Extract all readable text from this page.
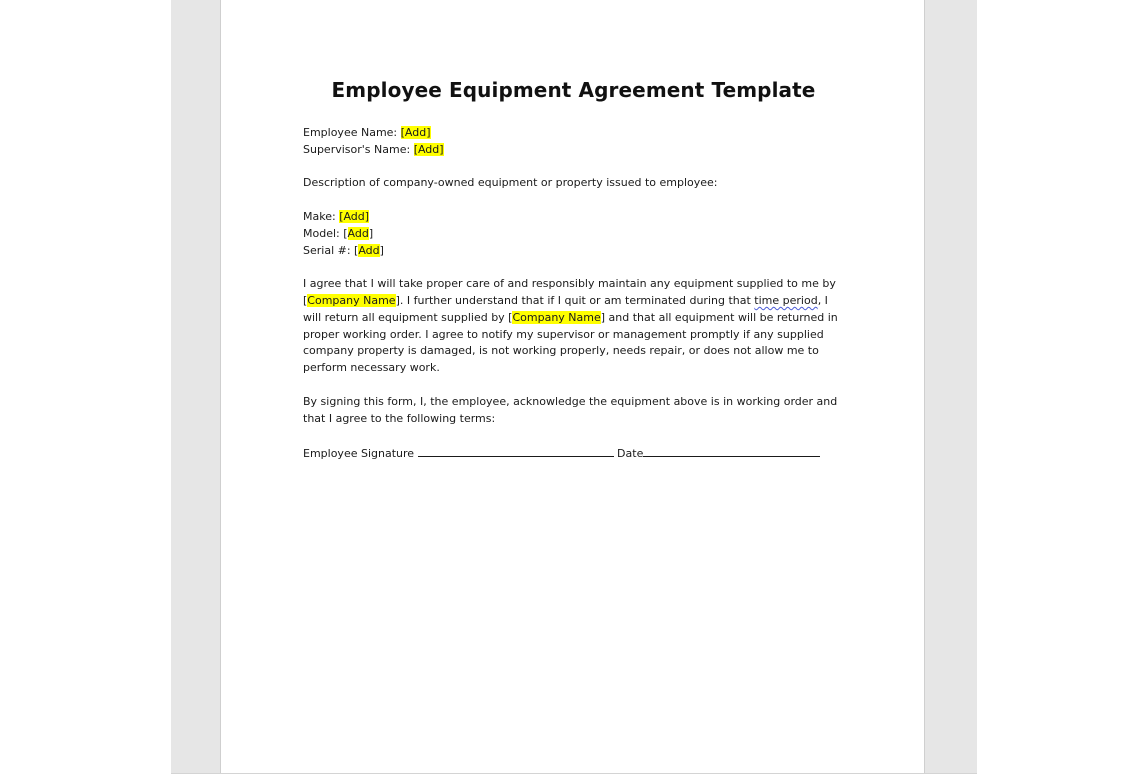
Employee Equipment Agreement Template
Employee Name: [Add]
Supervisor's Name: [Add]
Description of company-owned equipment or property issued to employee:
Make: [Add]
Model: [Add]
Serial #: [Add]
I agree that I will take proper care of and responsibly maintain any equipment supplied to me by [Company Name]. I further understand that if I quit or am terminated during that time period, I will return all equipment supplied by [Company Name] and that all equipment will be returned in proper working order. I agree to notify my supervisor or management promptly if any supplied company property is damaged, is not working properly, needs repair, or does not allow me to perform necessary work.
By signing this form, I, the employee, acknowledge the equipment above is in working order and that I agree to the following terms:
Employee Signature	Date
